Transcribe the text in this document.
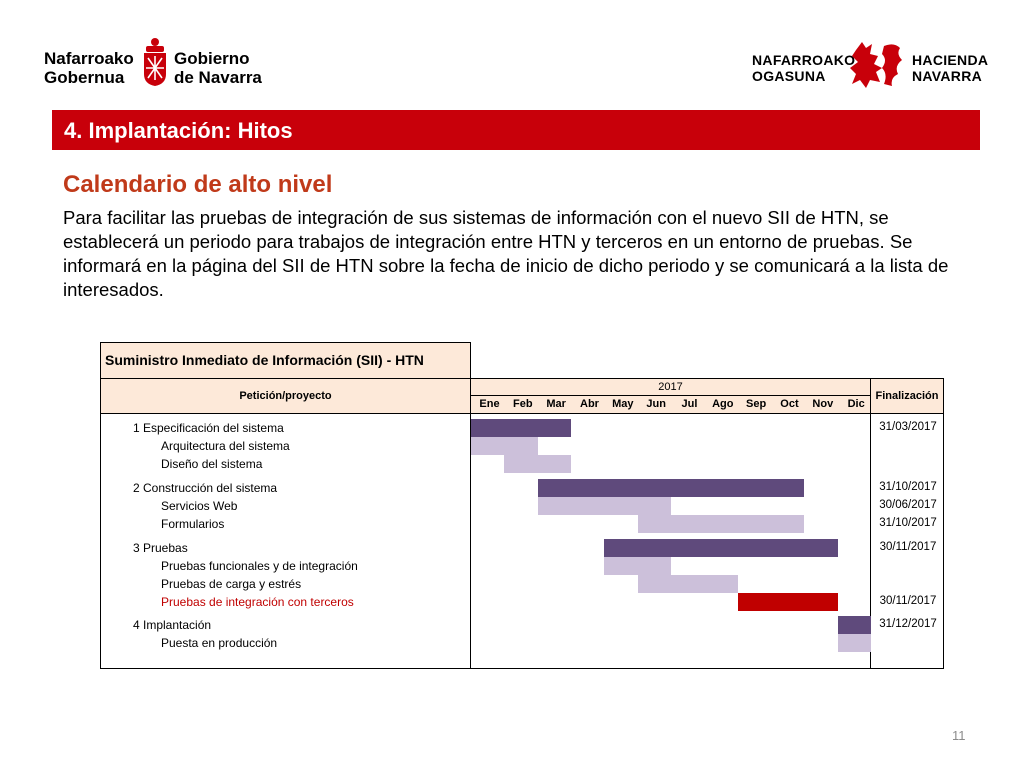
Nafarroako
Gobernua
Gobierno
de Navarra
NAFARROAKO
OGASUNA
HACIENDA
NAVARRA
4. Implantación: Hitos
Calendario de alto nivel
Para facilitar las pruebas de integración de sus sistemas de información con el nuevo SII de HTN, se establecerá un periodo para trabajos de integración entre HTN y terceros en un entorno de pruebas. Se informará en la página del SII de HTN sobre la fecha de inicio de dicho periodo y se comunicará a la lista de interesados.
Suministro Inmediato de Información (SII) - HTN
Petición/proyecto
2017
Ene	Feb	Mar	Abr	May	Jun	Jul	Ago	Sep	Oct	Nov	Dic
Finalización
1 Especificación del sistema	31/03/2017
Arquitectura del sistema
Diseño del sistema
2 Construcción del sistema	31/10/2017
Servicios Web	30/06/2017
Formularios	31/10/2017
3 Pruebas	30/11/2017
Pruebas funcionales y de integración
Pruebas de carga y estrés
Pruebas de integración con terceros	30/11/2017
4 Implantación	31/12/2017
Puesta en producción
11
